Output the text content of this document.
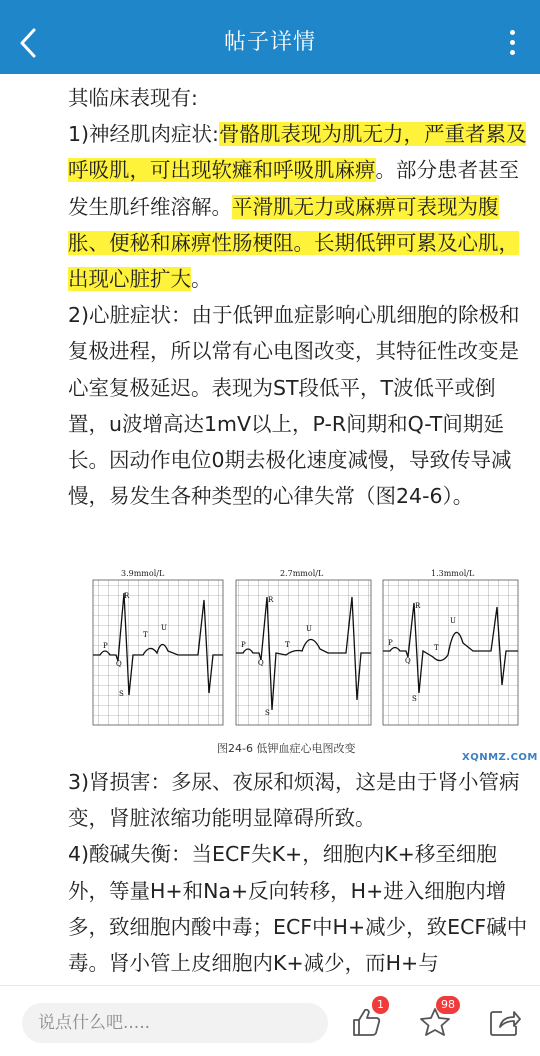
帖子详情

其临床表现有:

1)神经肌肉症状:骨骼肌表现为肌无力，严重者累及呼吸肌，可出现软瘫和呼吸肌麻痹。部分患者甚至发生肌纤维溶解。平滑肌无力或麻痹可表现为腹胀、便秘和麻痹性肠梗阻。长期低钾可累及心肌，出现心脏扩大。

2)心脏症状：由于低钾血症影响心肌细胞的除极和复极进程，所以常有心电图改变，其特征性改变是心室复极延迟。表现为ST段低平，T波低平或倒置，u波增高达1mV以上，P-R间期和Q-T间期延长。因动作电位0期去极化速度减慢，导致传导减慢，易发生各种类型的心律失常（图24-6）。

3.9mmol/L
R
P
Q
S
T
U
2.7mmol/L
R
P
Q
S
T
U
1.3mmol/L
R
P
Q
S
T
U
图24-6 低钾血症心电图改变
XQNMZ.COM

3)肾损害：多尿、夜尿和烦渴，这是由于肾小管病变，肾脏浓缩功能明显障碍所致。

4)酸碱失衡：当ECF失K+，细胞内K+移至细胞外，等量H+和Na+反向转移，H+进入细胞内增多，致细胞内酸中毒；ECF中H+减少，致ECF碱中毒。肾小管上皮细胞内K+减少，而H+与

说点什么吧.....
1	98
